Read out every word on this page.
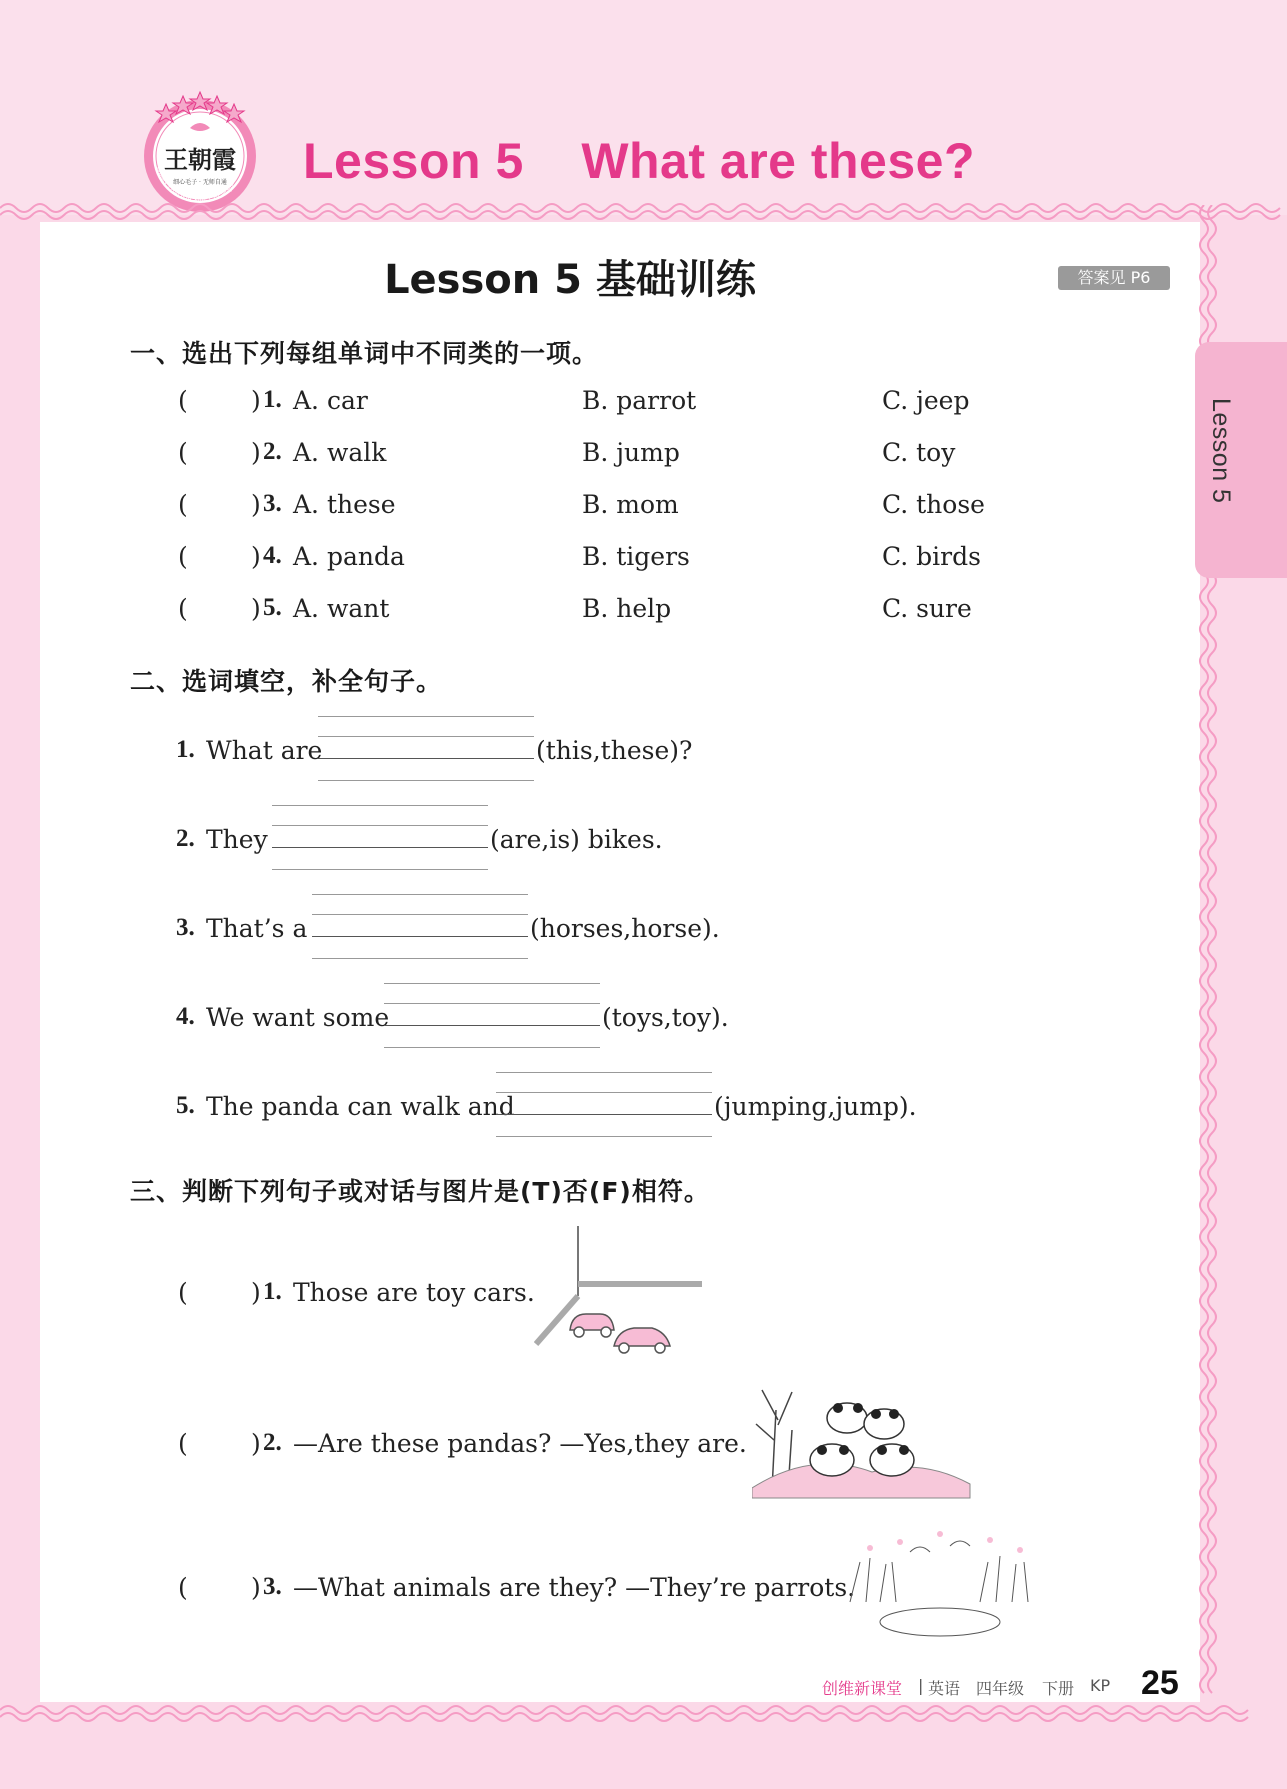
王朝霞
细心毛子 · 无师自通
WANG ZHAOXIA XIJIE CHENGJIE Lesson 5    What are these?
Lesson 5
Lesson 5 基础训练	答案见 P6
一、选出下列每组单词中不同类的一项。
(	) 1. A. car	B. parrot	C. jeep
(	) 2. A. walk	B. jump	C. toy
(	) 3. A. these	B. mom	C. those
(	) 4. A. panda	B. tigers	C. birds
(	) 5. A. want	B. help	C. sure
二、选词填空，补全句子。
1. What are	(this,these)?
2. They	(are,is) bikes.
3. That’s a	(horses,horse).
4. We want some	(toys,toy).
5. The panda can walk and	(jumping,jump).
三、判断下列句子或对话与图片是(T)否(F)相符。
(	) 1. Those are toy cars.
(	) 2. —Are these pandas? —Yes,they are.
(	) 3. —What animals are they? —They’re parrots.
创维新课堂 | 英语 四年级 下册 KP 25
